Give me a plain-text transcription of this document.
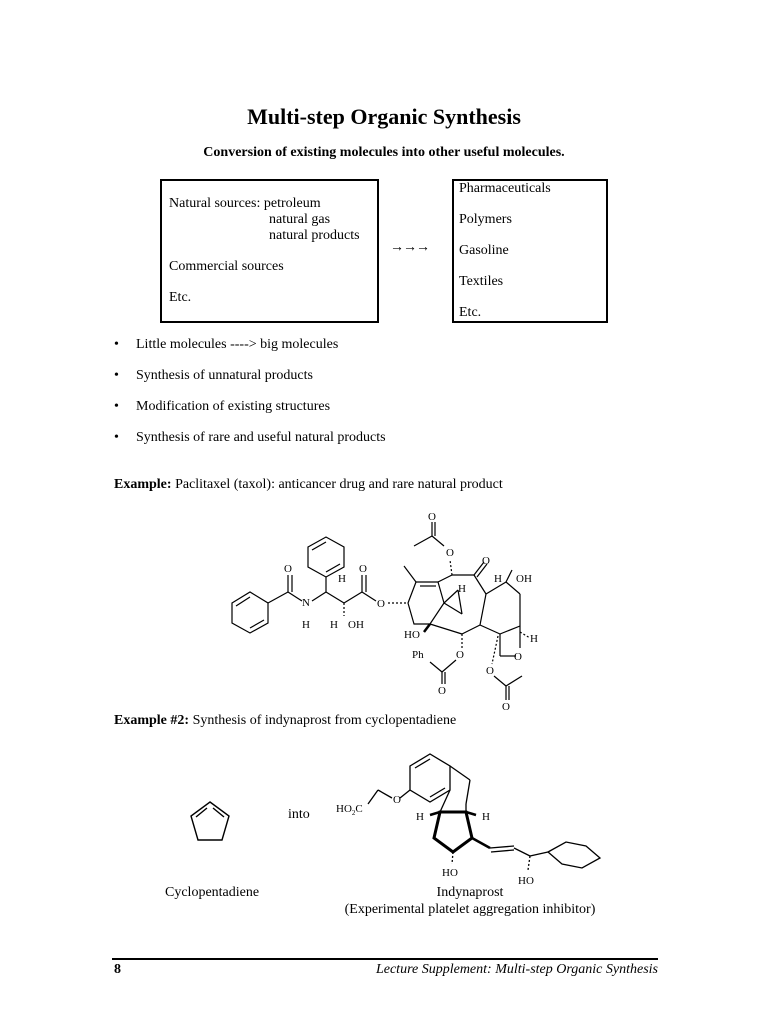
Multi-step Organic Synthesis
Conversion of existing molecules into other useful molecules.
Natural sources: petroleum
natural gas
natural products
Commercial sources
Etc.
→→→
Pharmaceuticals
Polymers
Gasoline
Textiles
Etc.
• Little molecules ----> big molecules
• Synthesis of unnatural products
• Modification of existing structures
• Synthesis of rare and useful natural products
Example: Paclitaxel (taxol): anticancer drug and rare natural product
O
N
H
H
H OH
O
O
O
O
O
H
H OH
HO	H
O
Ph	O
O
O
O
Example #2: Synthesis of indynaprost from cyclopentadiene
into $HO_2C$
O
H	H
HO
HO
Cyclopentadiene	Indynaprost
(Experimental platelet aggregation inhibitor)
8	Lecture Supplement: Multi-step Organic Synthesis
